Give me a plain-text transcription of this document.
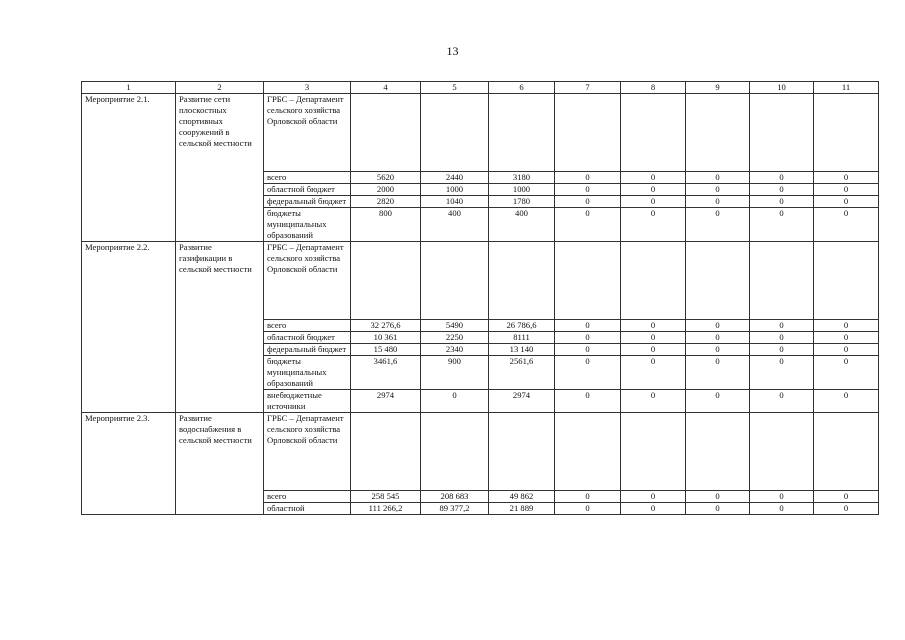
13
1	2	3	4	5	6	7	8	9	10	11
Мероприятие 2.1.	Развитие сети плоскостных спортивных сооружений в сельской местности	ГРБС – Департамент сельского хозяйства Орловской области								
		всего	5620	2440	3180	0	0	0	0	0
		областной бюджет	2000	1000	1000	0	0	0	0	0
		федеральный бюджет	2820	1040	1780	0	0	0	0	0
		бюджеты муниципальных образований	800	400	400	0	0	0	0	0
Мероприятие 2.2.	Развитие газификации в сельской местности	ГРБС – Департамент сельского хозяйства Орловской области								
		всего	32 276,6	5490	26 786,6	0	0	0	0	0
		областной бюджет	10 361	2250	8111	0	0	0	0	0
		федеральный бюджет	15 480	2340	13 140	0	0	0	0	0
		бюджеты муниципальных образований	3461,6	900	2561,6	0	0	0	0	0
		внебюджетные источники	2974	0	2974	0	0	0	0	0
Мероприятие 2.3.	Развитие водоснабжения в сельской местности	ГРБС – Департамент сельского хозяйства Орловской области								
		всего	258 545	208 683	49 862	0	0	0	0	0
		областной	111 266,2	89 377,2	21 889	0	0	0	0	0
